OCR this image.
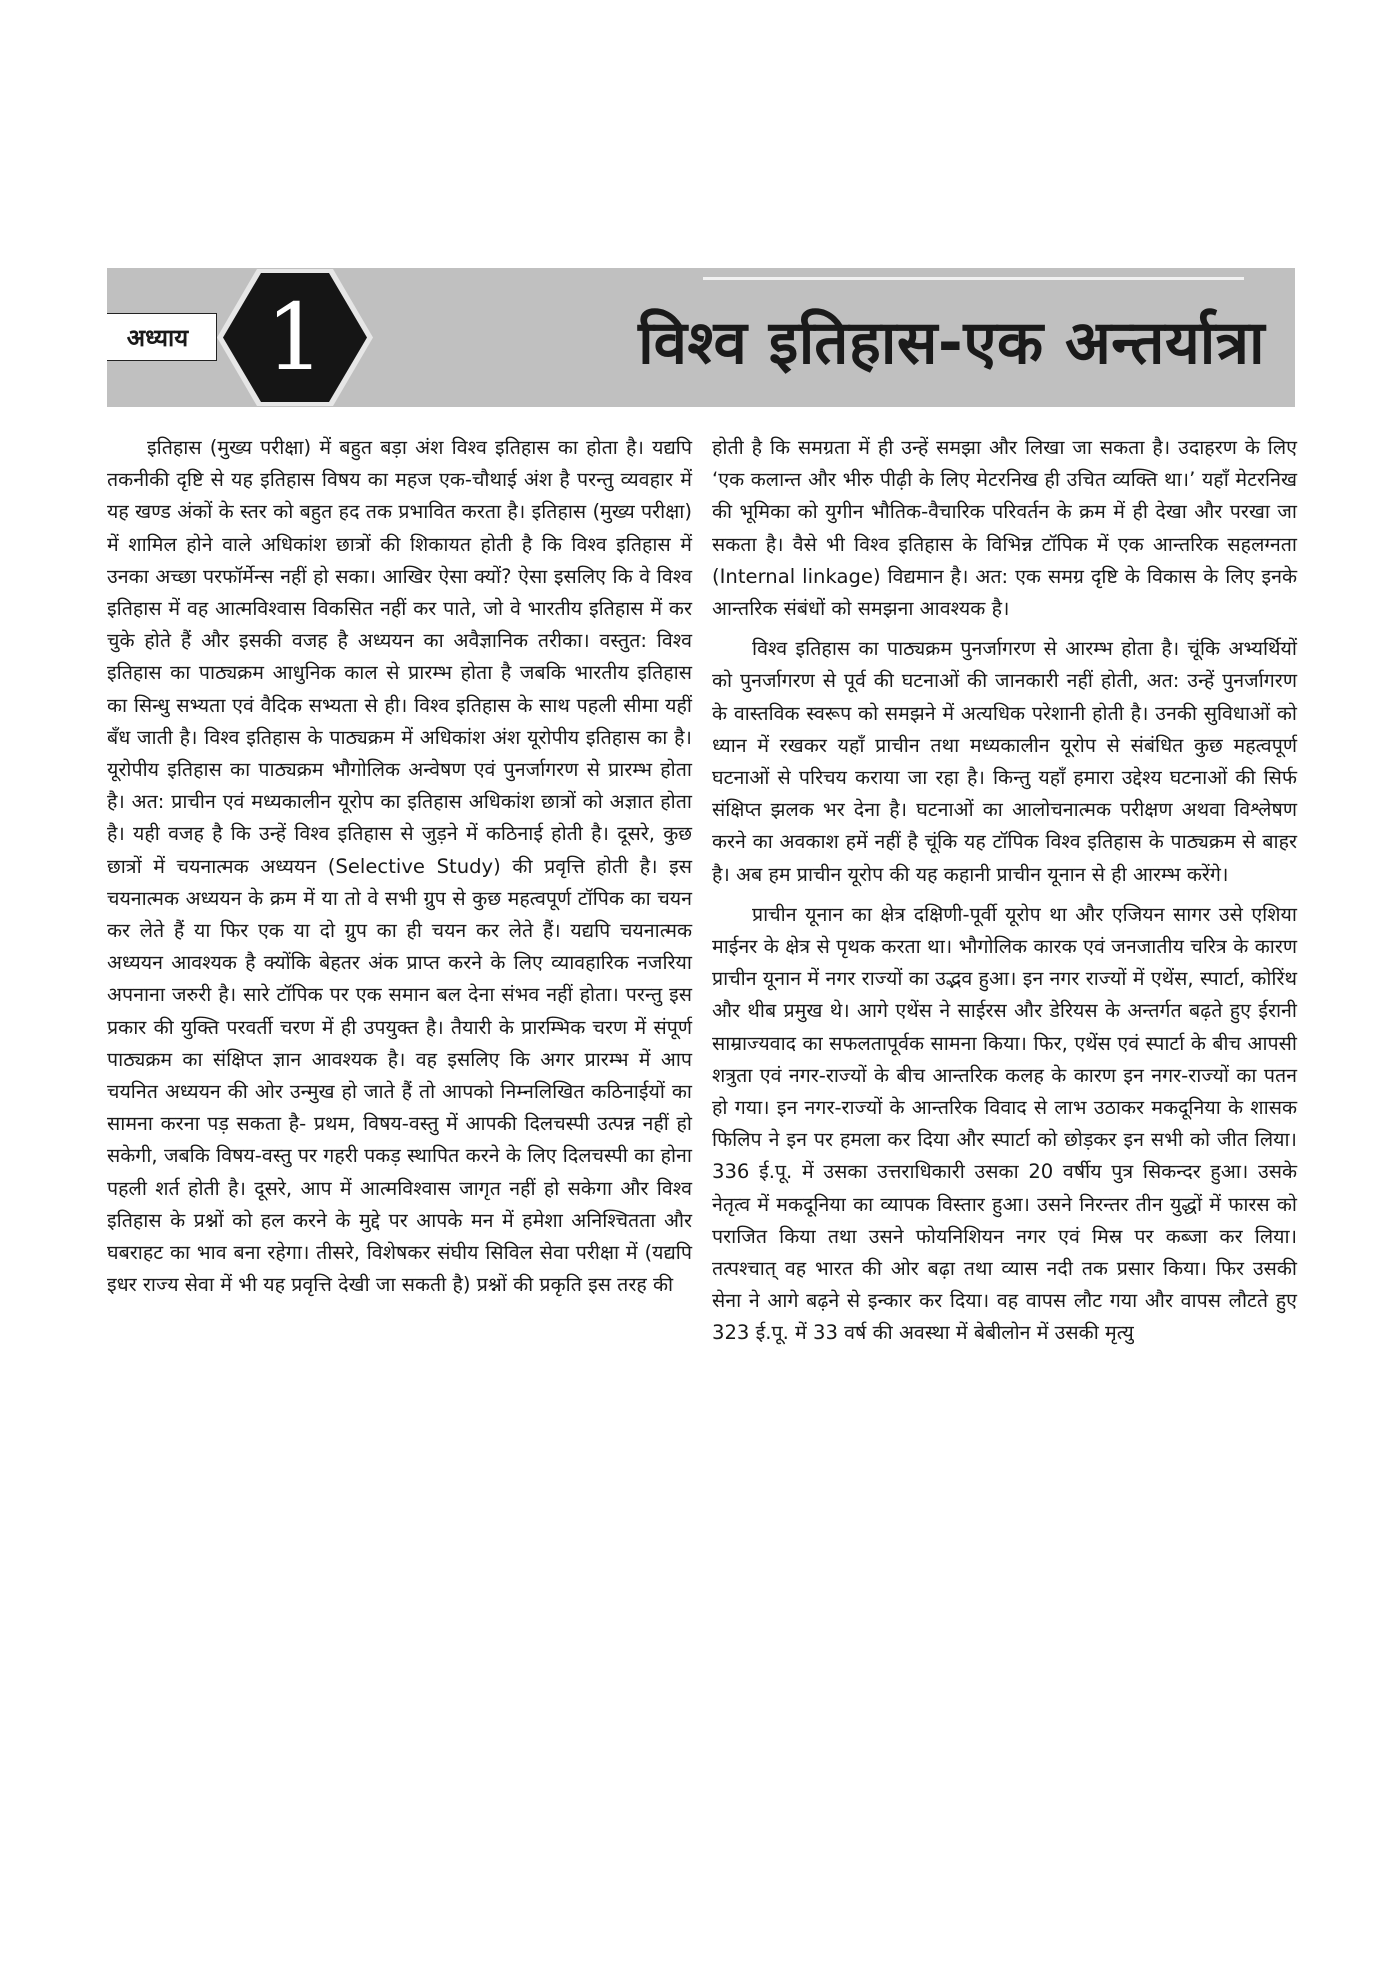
अध्याय 1	विश्व इतिहास-एक अन्तर्यात्रा

इतिहास (मुख्य परीक्षा) में बहुत बड़ा अंश विश्व इतिहास का होता है। यद्यपि तकनीकी दृष्टि से यह इतिहास विषय का महज एक-चौथाई अंश है परन्तु व्यवहार में यह खण्ड अंकों के स्तर को बहुत हद तक प्रभावित करता है। इतिहास (मुख्य परीक्षा) में शामिल होने वाले अधिकांश छात्रों की शिकायत होती है कि विश्व इतिहास में उनका अच्छा परफॉर्मेन्स नहीं हो सका। आखिर ऐसा क्यों? ऐसा इसलिए कि वे विश्व इतिहास में वह आत्मविश्वास विकसित नहीं कर पाते, जो वे भारतीय इतिहास में कर चुके होते हैं और इसकी वजह है अध्ययन का अवैज्ञानिक तरीका। वस्तुत: विश्व इतिहास का पाठ्यक्रम आधुनिक काल से प्रारम्भ होता है जबकि भारतीय इतिहास का सिन्धु सभ्यता एवं वैदिक सभ्यता से ही। विश्व इतिहास के साथ पहली सीमा यहीं बँध जाती है। विश्व इतिहास के पाठ्यक्रम में अधिकांश अंश यूरोपीय इतिहास का है। यूरोपीय इतिहास का पाठ्यक्रम भौगोलिक अन्वेषण एवं पुनर्जागरण से प्रारम्भ होता है। अत: प्राचीन एवं मध्यकालीन यूरोप का इतिहास अधिकांश छात्रों को अज्ञात होता है। यही वजह है कि उन्हें विश्व इतिहास से जुड़ने में कठिनाई होती है। दूसरे, कुछ छात्रों में चयनात्मक अध्ययन (Selective Study) की प्रवृत्ति होती है। इस चयनात्मक अध्ययन के क्रम में या तो वे सभी ग्रुप से कुछ महत्वपूर्ण टॉपिक का चयन कर लेते हैं या फिर एक या दो ग्रुप का ही चयन कर लेते हैं। यद्यपि चयनात्मक अध्ययन आवश्यक है क्योंकि बेहतर अंक प्राप्त करने के लिए व्यावहारिक नजरिया अपनाना जरुरी है। सारे टॉपिक पर एक समान बल देना संभव नहीं होता। परन्तु इस प्रकार की युक्ति परवर्ती चरण में ही उपयुक्त है। तैयारी के प्रारम्भिक चरण में संपूर्ण पाठ्यक्रम का संक्षिप्त ज्ञान आवश्यक है। वह इसलिए कि अगर प्रारम्भ में आप चयनित अध्ययन की ओर उन्मुख हो जाते हैं तो आपको निम्नलिखित कठिनाईयों का सामना करना पड़ सकता है- प्रथम, विषय-वस्तु में आपकी दिलचस्पी उत्पन्न नहीं हो सकेगी, जबकि विषय-वस्तु पर गहरी पकड़ स्थापित करने के लिए दिलचस्पी का होना पहली शर्त होती है। दूसरे, आप में आत्मविश्वास जागृत नहीं हो सकेगा और विश्व इतिहास के प्रश्नों को हल करने के मुद्दे पर आपके मन में हमेशा अनिश्चितता और घबराहट का भाव बना रहेगा। तीसरे, विशेषकर संघीय सिविल सेवा परीक्षा में (यद्यपि इधर राज्य सेवा में भी यह प्रवृत्ति देखी जा सकती है) प्रश्नों की प्रकृति इस तरह की

होती है कि समग्रता में ही उन्हें समझा और लिखा जा सकता है। उदाहरण के लिए ‘एक कलान्त और भीरु पीढ़ी के लिए मेटरनिख ही उचित व्यक्ति था।’ यहाँ मेटरनिख की भूमिका को युगीन भौतिक-वैचारिक परिवर्तन के क्रम में ही देखा और परखा जा सकता है। वैसे भी विश्व इतिहास के विभिन्न टॉपिक में एक आन्तरिक सहलग्नता (Internal linkage) विद्यमान है। अत: एक समग्र दृष्टि के विकास के लिए इनके आन्तरिक संबंधों को समझना आवश्यक है।

विश्व इतिहास का पाठ्यक्रम पुनर्जागरण से आरम्भ होता है। चूंकि अभ्यर्थियों को पुनर्जागरण से पूर्व की घटनाओं की जानकारी नहीं होती, अत: उन्हें पुनर्जागरण के वास्तविक स्वरूप को समझने में अत्यधिक परेशानी होती है। उनकी सुविधाओं को ध्यान में रखकर यहाँ प्राचीन तथा मध्यकालीन यूरोप से संबंधित कुछ महत्वपूर्ण घटनाओं से परिचय कराया जा रहा है। किन्तु यहाँ हमारा उद्देश्य घटनाओं की सिर्फ संक्षिप्त झलक भर देना है। घटनाओं का आलोचनात्मक परीक्षण अथवा विश्लेषण करने का अवकाश हमें नहीं है चूंकि यह टॉपिक विश्व इतिहास के पाठ्यक्रम से बाहर है। अब हम प्राचीन यूरोप की यह कहानी प्राचीन यूनान से ही आरम्भ करेंगे।

प्राचीन यूनान का क्षेत्र दक्षिणी-पूर्वी यूरोप था और एजियन सागर उसे एशिया माईनर के क्षेत्र से पृथक करता था। भौगोलिक कारक एवं जनजातीय चरित्र के कारण प्राचीन यूनान में नगर राज्यों का उद्भव हुआ। इन नगर राज्यों में एथेंस, स्पार्टा, कोरिंथ और थीब प्रमुख थे। आगे एथेंस ने साईरस और डेरियस के अन्तर्गत बढ़ते हुए ईरानी साम्राज्यवाद का सफलतापूर्वक सामना किया। फिर, एथेंस एवं स्पार्टा के बीच आपसी शत्रुता एवं नगर-राज्यों के बीच आन्तरिक कलह के कारण इन नगर-राज्यों का पतन हो गया। इन नगर-राज्यों के आन्तरिक विवाद से लाभ उठाकर मकदूनिया के शासक फिलिप ने इन पर हमला कर दिया और स्पार्टा को छोड़कर इन सभी को जीत लिया। 336 ई.पू. में उसका उत्तराधिकारी उसका 20 वर्षीय पुत्र सिकन्दर हुआ। उसके नेतृत्व में मकदूनिया का व्यापक विस्तार हुआ। उसने निरन्तर तीन युद्धों में फारस को पराजित किया तथा उसने फोयनिशियन नगर एवं मिस्र पर कब्जा कर लिया। तत्पश्चात् वह भारत की ओर बढ़ा तथा व्यास नदी तक प्रसार किया। फिर उसकी सेना ने आगे बढ़ने से इन्कार कर दिया। वह वापस लौट गया और वापस लौटते हुए 323 ई.पू. में 33 वर्ष की अवस्था में बेबीलोन में उसकी मृत्यु
